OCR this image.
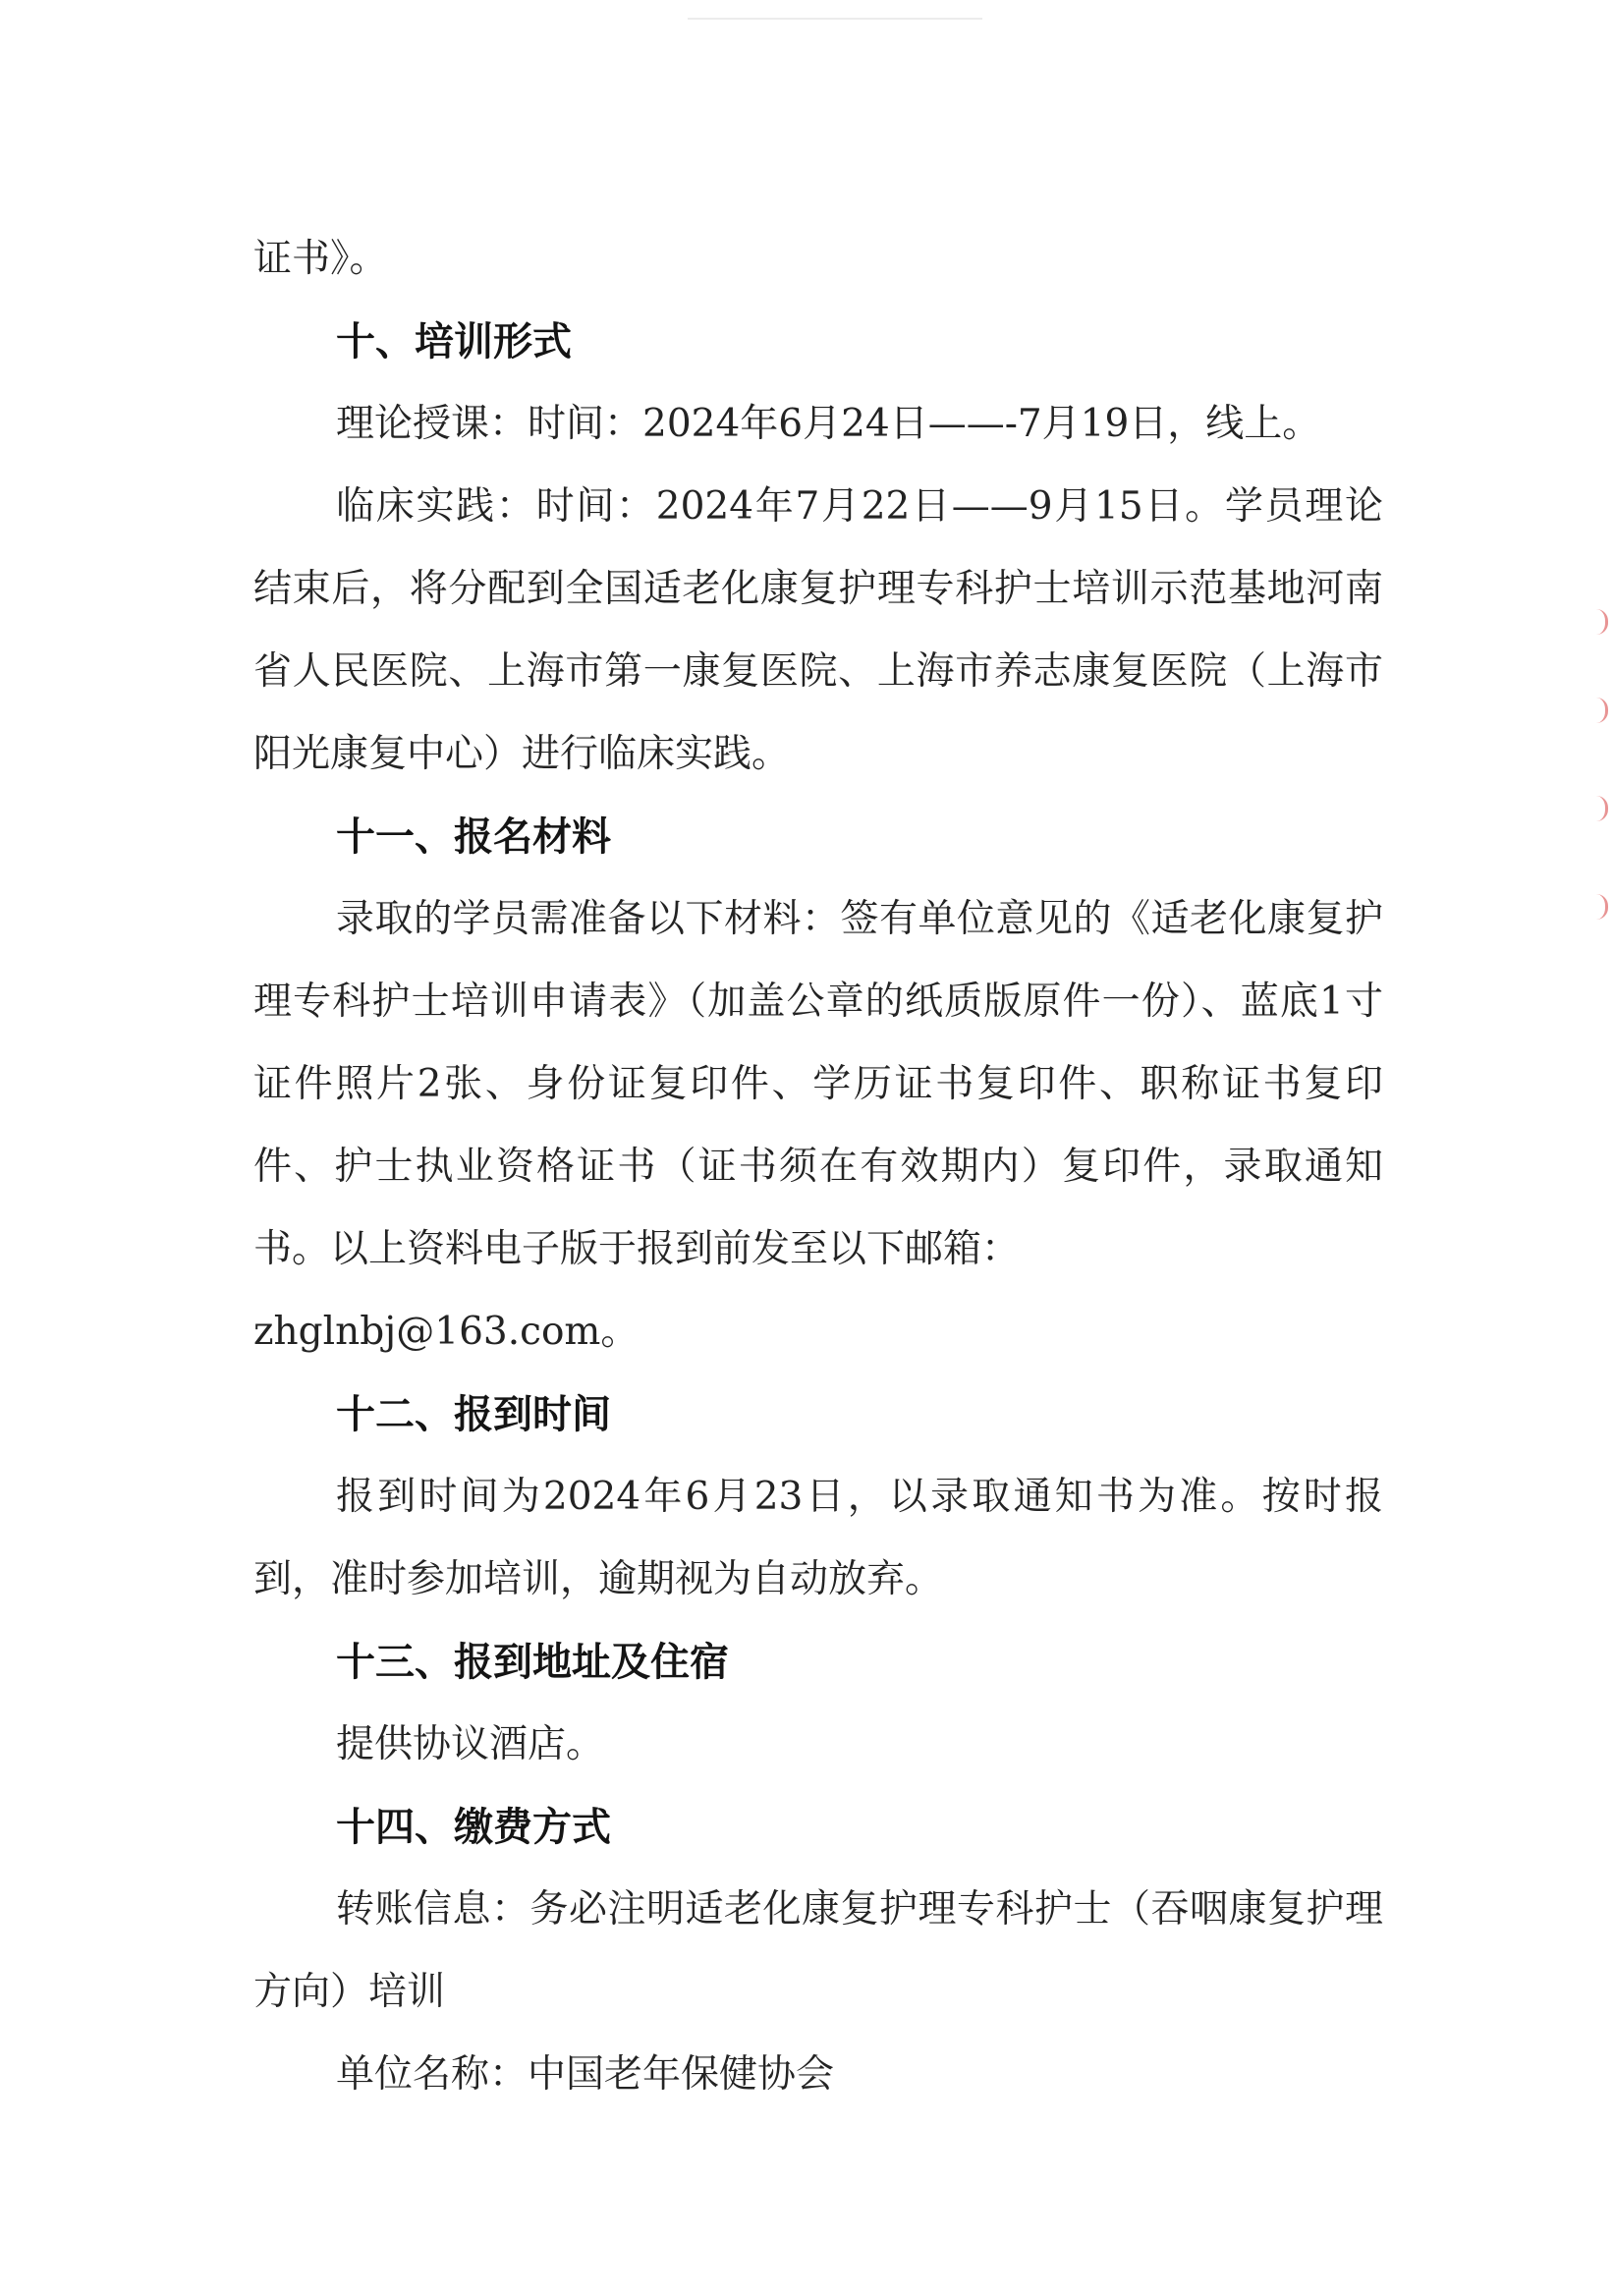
证书》。

十、培训形式

理论授课：时间：2024年6月24日——-7月19日，线上。

临床实践：时间：2024年7月22日——9月15日。学员理论结束后，将分配到全国适老化康复护理专科护士培训示范基地河南省人民医院、上海市第一康复医院、上海市养志康复医院（上海市阳光康复中心）进行临床实践。

十一、报名材料

录取的学员需准备以下材料：签有单位意见的《适老化康复护理专科护士培训申请表》（加盖公章的纸质版原件一份）、蓝底1寸证件照片2张、身份证复印件、学历证书复印件、职称证书复印件、护士执业资格证书（证书须在有效期内）复印件，录取通知书。以上资料电子版于报到前发至以下邮箱：

zhglnbj@163.com。

十二、报到时间

报到时间为2024年6月23日，以录取通知书为准。按时报到，准时参加培训，逾期视为自动放弃。

十三、报到地址及住宿

提供协议酒店。

十四、缴费方式

转账信息：务必注明适老化康复护理专科护士（吞咽康复护理方向）培训

单位名称：中国老年保健协会
